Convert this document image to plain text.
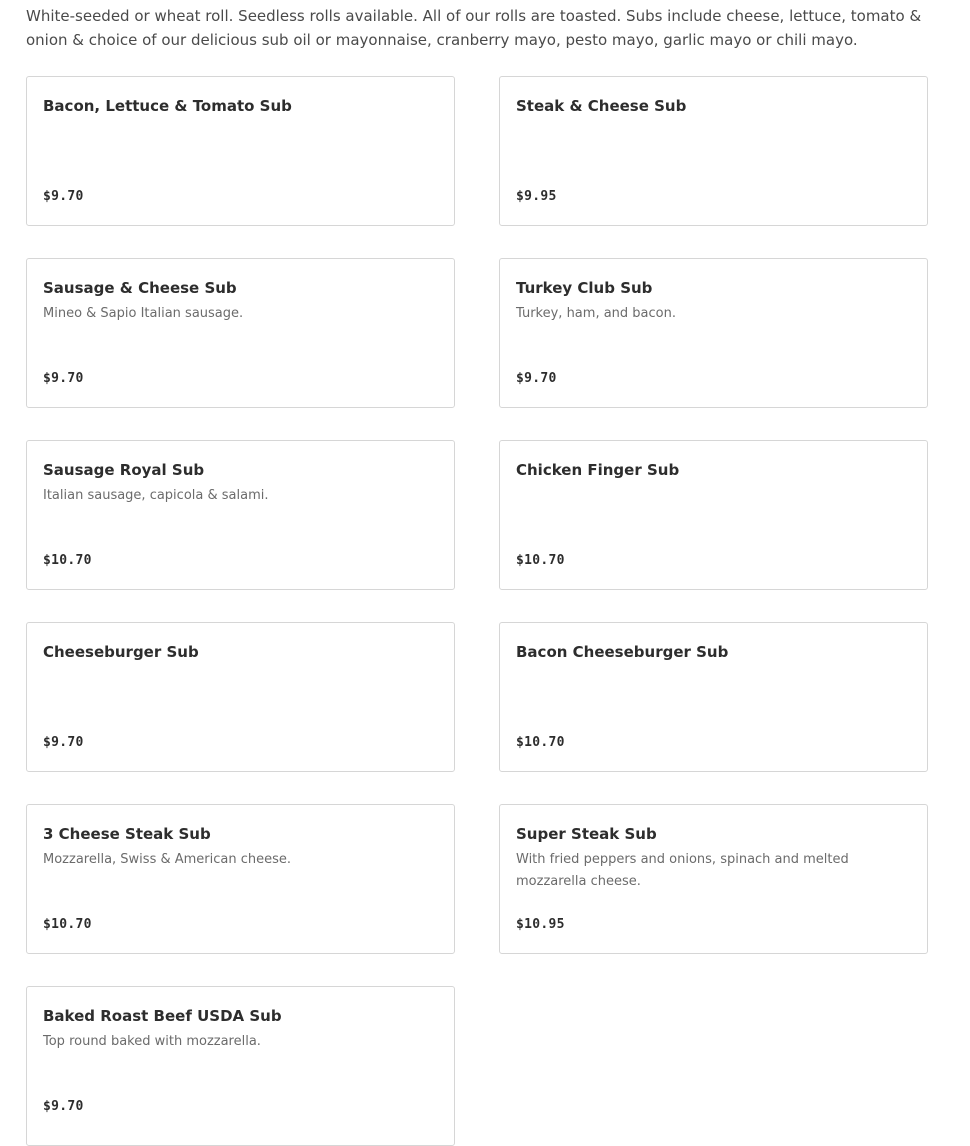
White-seeded or wheat roll. Seedless rolls available. All of our rolls are toasted. Subs include cheese, lettuce, tomato & onion & choice of our delicious sub oil or mayonnaise, cranberry mayo, pesto mayo, garlic mayo or chili mayo.

Bacon, Lettuce & Tomato Sub

$9.70

Steak & Cheese Sub

$9.95

Sausage & Cheese Sub

Mineo & Sapio Italian sausage.

$9.70

Turkey Club Sub

Turkey, ham, and bacon.

$9.70

Sausage Royal Sub

Italian sausage, capicola & salami.

$10.70

Chicken Finger Sub

$10.70

Cheeseburger Sub

$9.70

Bacon Cheeseburger Sub

$10.70

3 Cheese Steak Sub

Mozzarella, Swiss & American cheese.

$10.70

Super Steak Sub

With fried peppers and onions, spinach and melted mozzarella cheese.

$10.95

Baked Roast Beef USDA Sub

Top round baked with mozzarella.

$9.70
